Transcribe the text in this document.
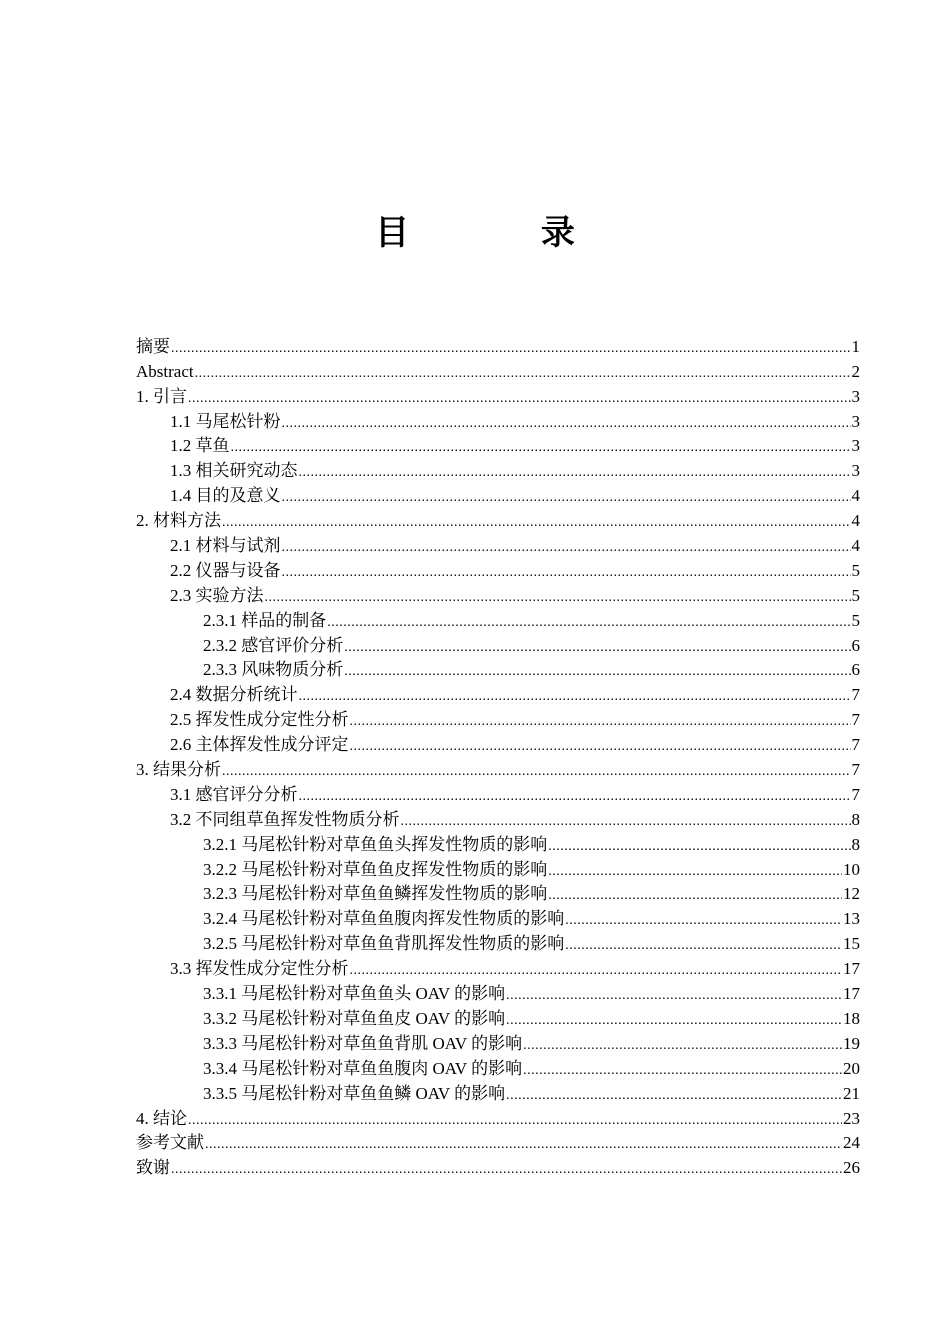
目 录
摘要 .....	1
Abstract .....	2
1. 引言 .....	3
1.1 马尾松针粉 .....	3
1.2 草鱼 .....	3
1.3 相关研究动态 .....	3
1.4 目的及意义 .....	4
2. 材料方法 .....	4
2.1 材料与试剂 .....	4
2.2 仪器与设备 .....	5
2.3 实验方法 .....	5
2.3.1 样品的制备 .....	5
2.3.2 感官评价分析 .....	6
2.3.3 风味物质分析 .....	6
2.4 数据分析统计 .....	7
2.5 挥发性成分定性分析 .....	7
2.6 主体挥发性成分评定 .....	7
3. 结果分析 .....	7
3.1 感官评分分析 .....	7
3.2 不同组草鱼挥发性物质分析 .....	8
3.2.1 马尾松针粉对草鱼鱼头挥发性物质的影响 .....	8
3.2.2 马尾松针粉对草鱼鱼皮挥发性物质的影响 .....	10
3.2.3 马尾松针粉对草鱼鱼鳞挥发性物质的影响 .....	12
3.2.4 马尾松针粉对草鱼鱼腹肉挥发性物质的影响 .....	13
3.2.5 马尾松针粉对草鱼鱼背肌挥发性物质的影响 .....	15
3.3 挥发性成分定性分析 .....	17
3.3.1 马尾松针粉对草鱼鱼头 OAV 的影响 .....	17
3.3.2 马尾松针粉对草鱼鱼皮 OAV 的影响 .....	18
3.3.3 马尾松针粉对草鱼鱼背肌 OAV 的影响 .....	19
3.3.4 马尾松针粉对草鱼鱼腹肉 OAV 的影响 .....	20
3.3.5 马尾松针粉对草鱼鱼鳞 OAV 的影响 .....	21
4. 结论 .....	23
参考文献 .....	24
致谢 .....	26
